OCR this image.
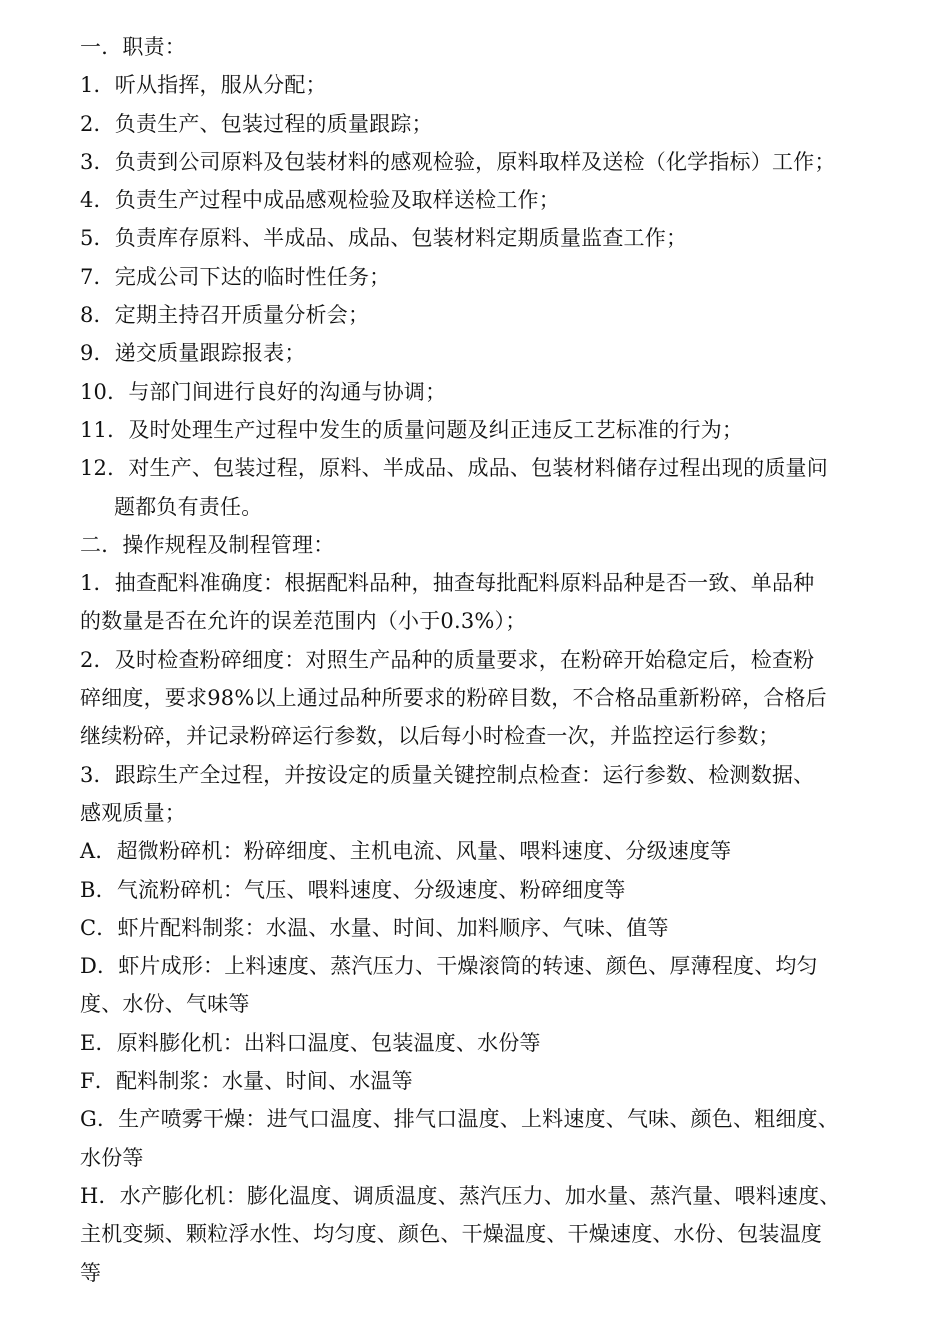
一．职责：
1．听从指挥，服从分配；
2．负责生产、包装过程的质量跟踪；
3．负责到公司原料及包装材料的感观检验，原料取样及送检（化学指标）工作；
4．负责生产过程中成品感观检验及取样送检工作；
5．负责库存原料、半成品、成品、包装材料定期质量监查工作；
7．完成公司下达的临时性任务；
8．定期主持召开质量分析会；
9．递交质量跟踪报表；
10．与部门间进行良好的沟通与协调；
11．及时处理生产过程中发生的质量问题及纠正违反工艺标准的行为；
12．对生产、包装过程，原料、半成品、成品、包装材料储存过程出现的质量问
题都负有责任。
二．操作规程及制程管理：
1．抽查配料准确度：根据配料品种，抽查每批配料原料品种是否一致、单品种
的数量是否在允许的误差范围内（小于0.3%）；
2．及时检查粉碎细度：对照生产品种的质量要求，在粉碎开始稳定后，检查粉
碎细度，要求98%以上通过品种所要求的粉碎目数，不合格品重新粉碎，合格后
继续粉碎，并记录粉碎运行参数，以后每小时检查一次，并监控运行参数；
3．跟踪生产全过程，并按设定的质量关键控制点检查：运行参数、检测数据、
感观质量；
A．超微粉碎机：粉碎细度、主机电流、风量、喂料速度、分级速度等
B．气流粉碎机：气压、喂料速度、分级速度、粉碎细度等
C．虾片配料制浆：水温、水量、时间、加料顺序、气味、值等
D．虾片成形：上料速度、蒸汽压力、干燥滚筒的转速、颜色、厚薄程度、均匀
度、水份、气味等
E．原料膨化机：出料口温度、包装温度、水份等
F．配料制浆：水量、时间、水温等
G．生产喷雾干燥：进气口温度、排气口温度、上料速度、气味、颜色、粗细度、
水份等
H．水产膨化机：膨化温度、调质温度、蒸汽压力、加水量、蒸汽量、喂料速度、
主机变频、颗粒浮水性、均匀度、颜色、干燥温度、干燥速度、水份、包装温度
等
